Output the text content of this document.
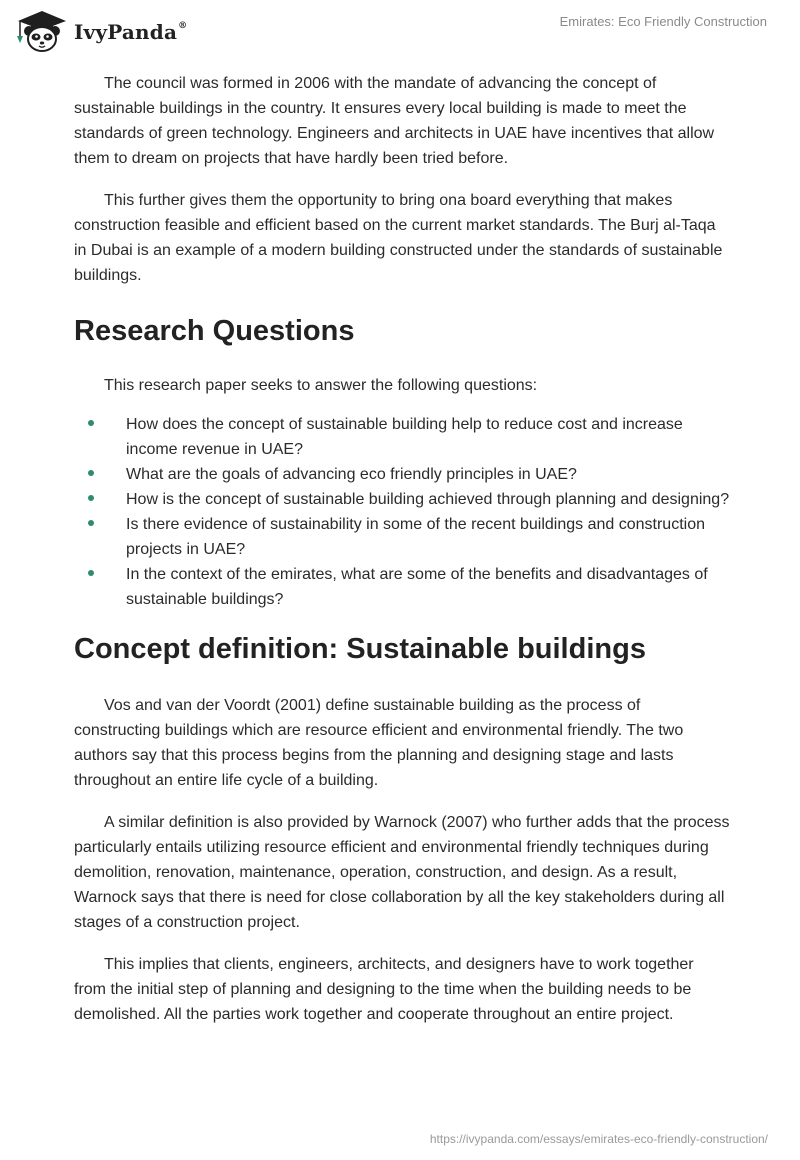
IvyPanda®	Emirates: Eco Friendly Construction

The council was formed in 2006 with the mandate of advancing the concept of sustainable buildings in the country. It ensures every local building is made to meet the standards of green technology. Engineers and architects in UAE have incentives that allow them to dream on projects that have hardly been tried before.

This further gives them the opportunity to bring ona board everything that makes construction feasible and efficient based on the current market standards. The Burj al-Taqa in Dubai is an example of a modern building constructed under the standards of sustainable buildings.

Research Questions

This research paper seeks to answer the following questions:

How does the concept of sustainable building help to reduce cost and increase income revenue in UAE?
What are the goals of advancing eco friendly principles in UAE?
How is the concept of sustainable building achieved through planning and designing?
Is there evidence of sustainability in some of the recent buildings and construction projects in UAE?
In the context of the emirates, what are some of the benefits and disadvantages of sustainable buildings?
Concept definition: Sustainable buildings

Vos and van der Voordt (2001) define sustainable building as the process of constructing buildings which are resource efficient and environmental friendly. The two authors say that this process begins from the planning and designing stage and lasts throughout an entire life cycle of a building.

A similar definition is also provided by Warnock (2007) who further adds that the process particularly entails utilizing resource efficient and environmental friendly techniques during demolition, renovation, maintenance, operation, construction, and design. As a result, Warnock says that there is need for close collaboration by all the key stakeholders during all stages of a construction project.

This implies that clients, engineers, architects, and designers have to work together from the initial step of planning and designing to the time when the building needs to be demolished. All the parties work together and cooperate throughout an entire project.

https://ivypanda.com/essays/emirates-eco-friendly-construction/
